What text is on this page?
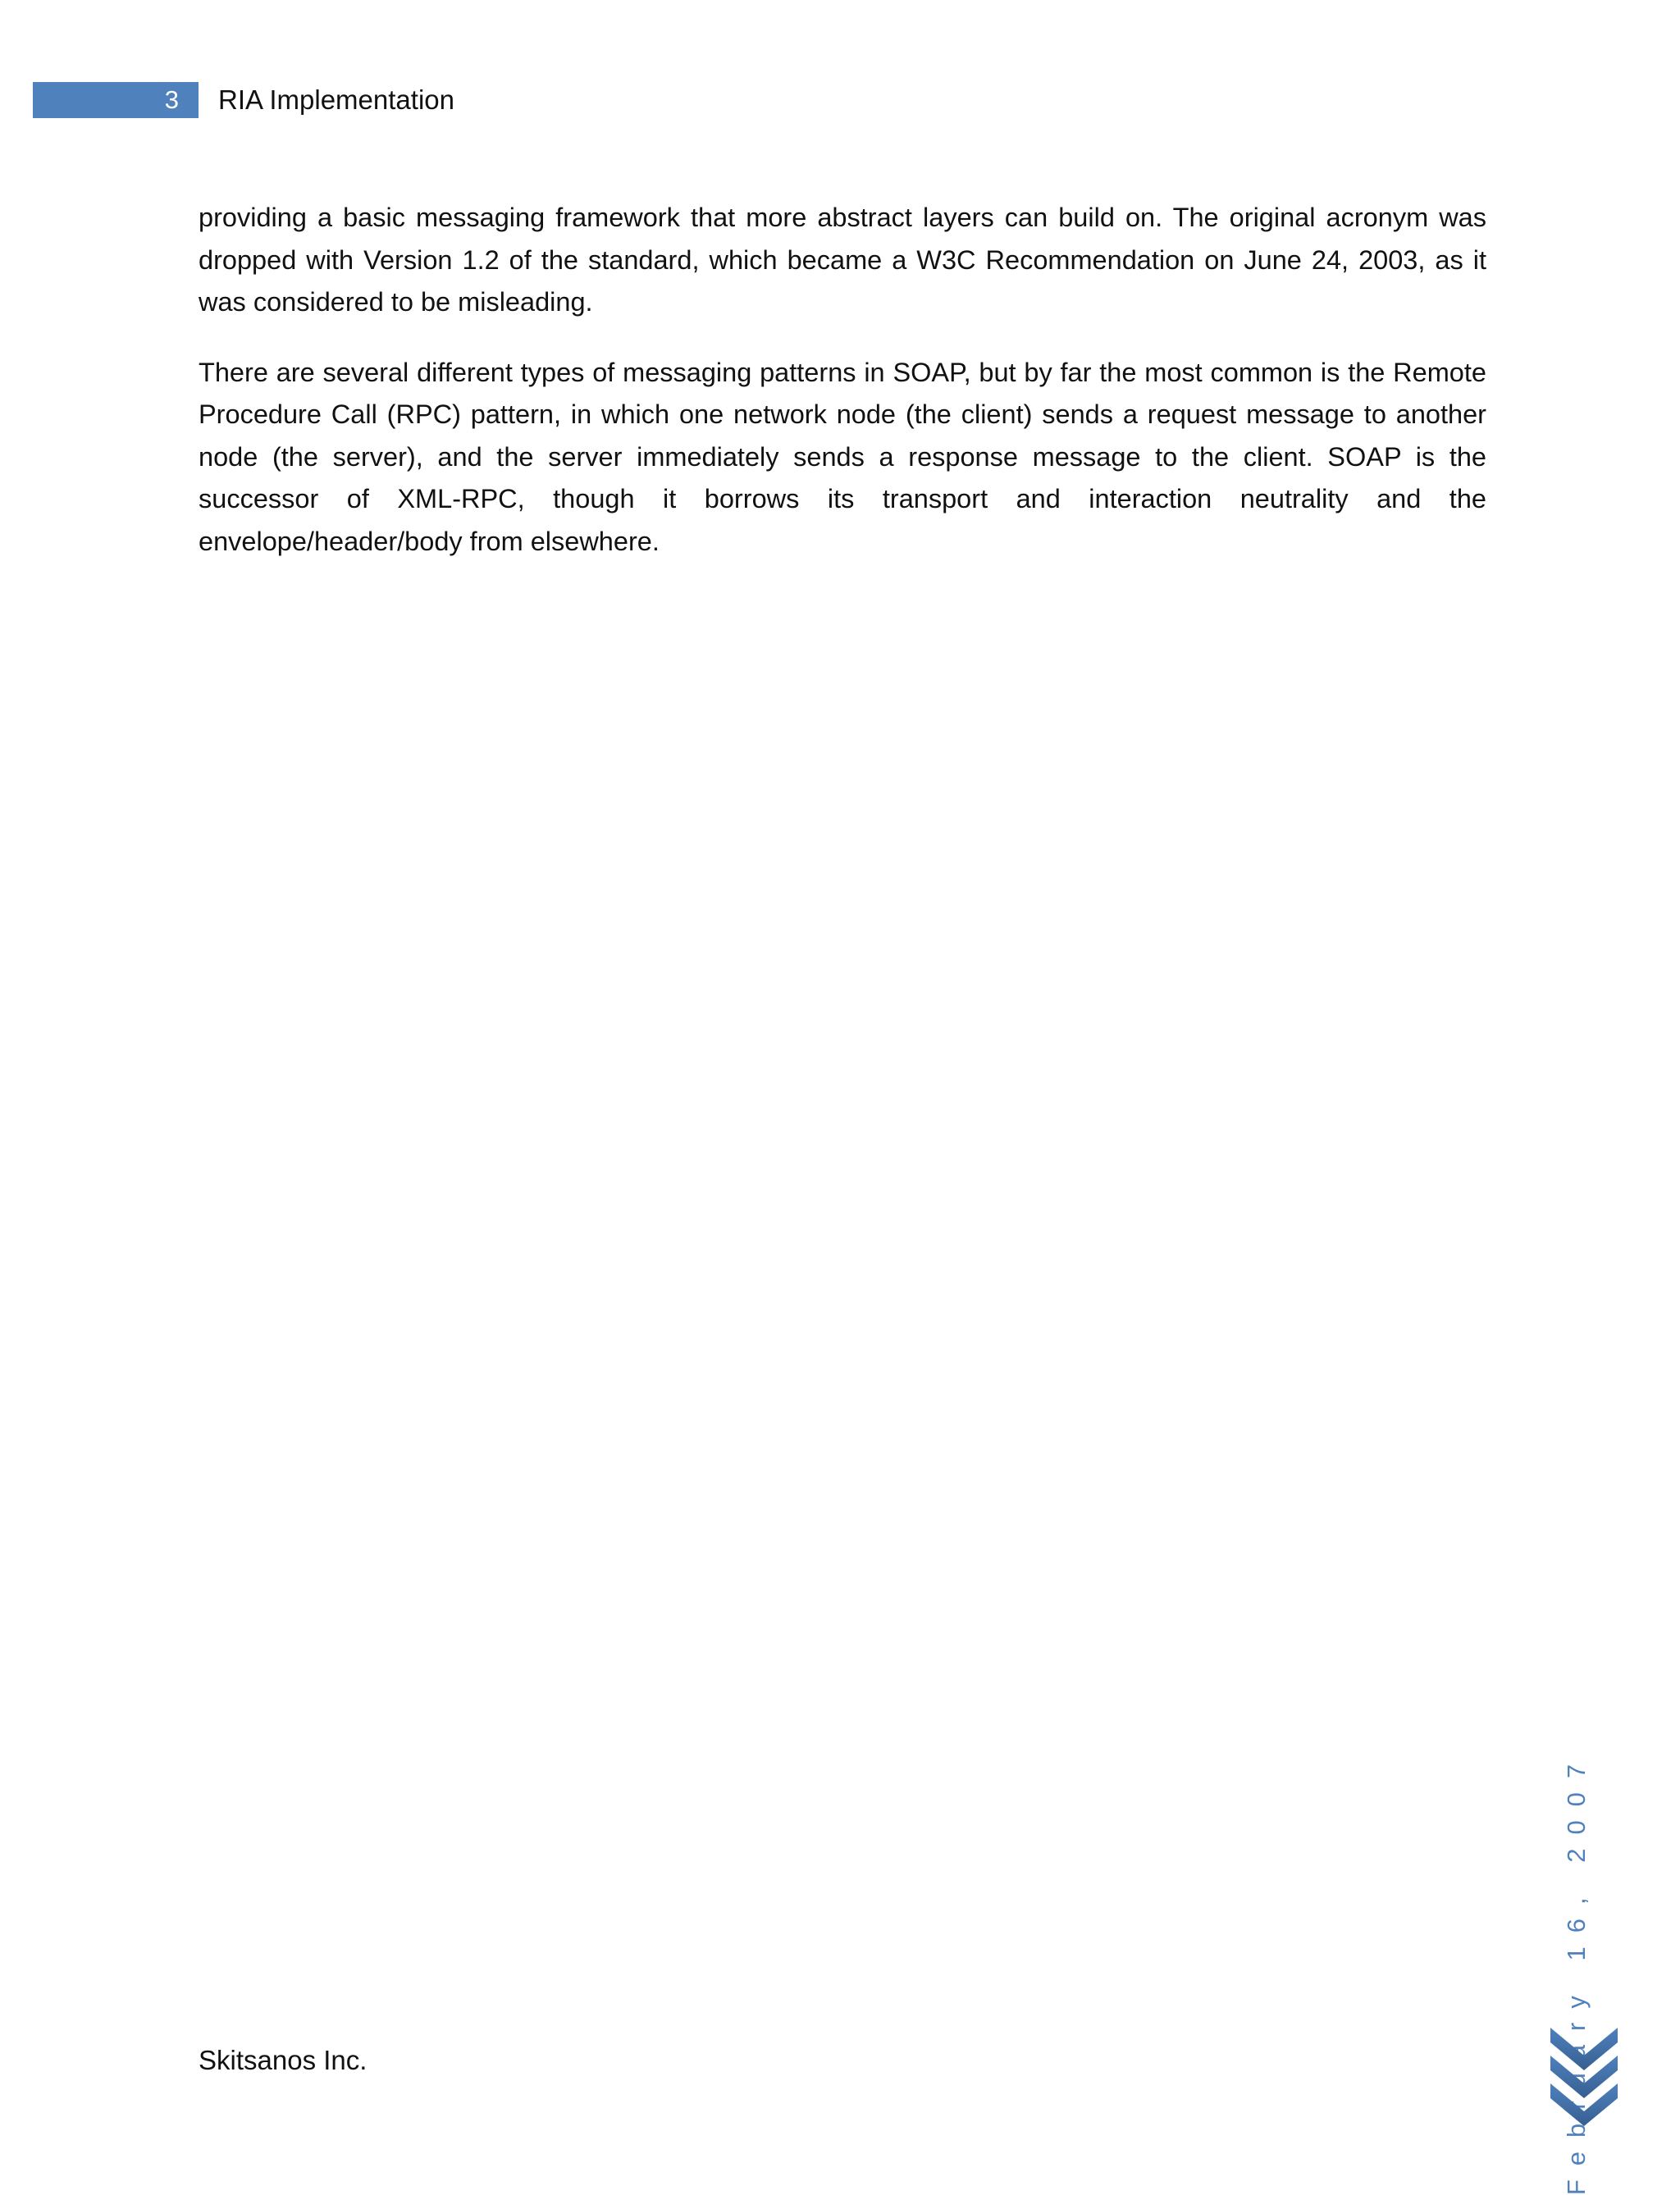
3	RIA Implementation

providing a basic messaging framework that more abstract layers can build on. The original acronym was dropped with Version 1.2 of the standard, which became a W3C Recommendation on June 24, 2003, as it was considered to be misleading.

There are several different types of messaging patterns in SOAP, but by far the most common is the Remote Procedure Call (RPC) pattern, in which one network node (the client) sends a request message to another node (the server), and the server immediately sends a response message to the client. SOAP is the successor of XML-RPC, though it borrows its transport and interaction neutrality and the envelope/header/body from elsewhere.

February 16, 2007
Skitsanos Inc.
